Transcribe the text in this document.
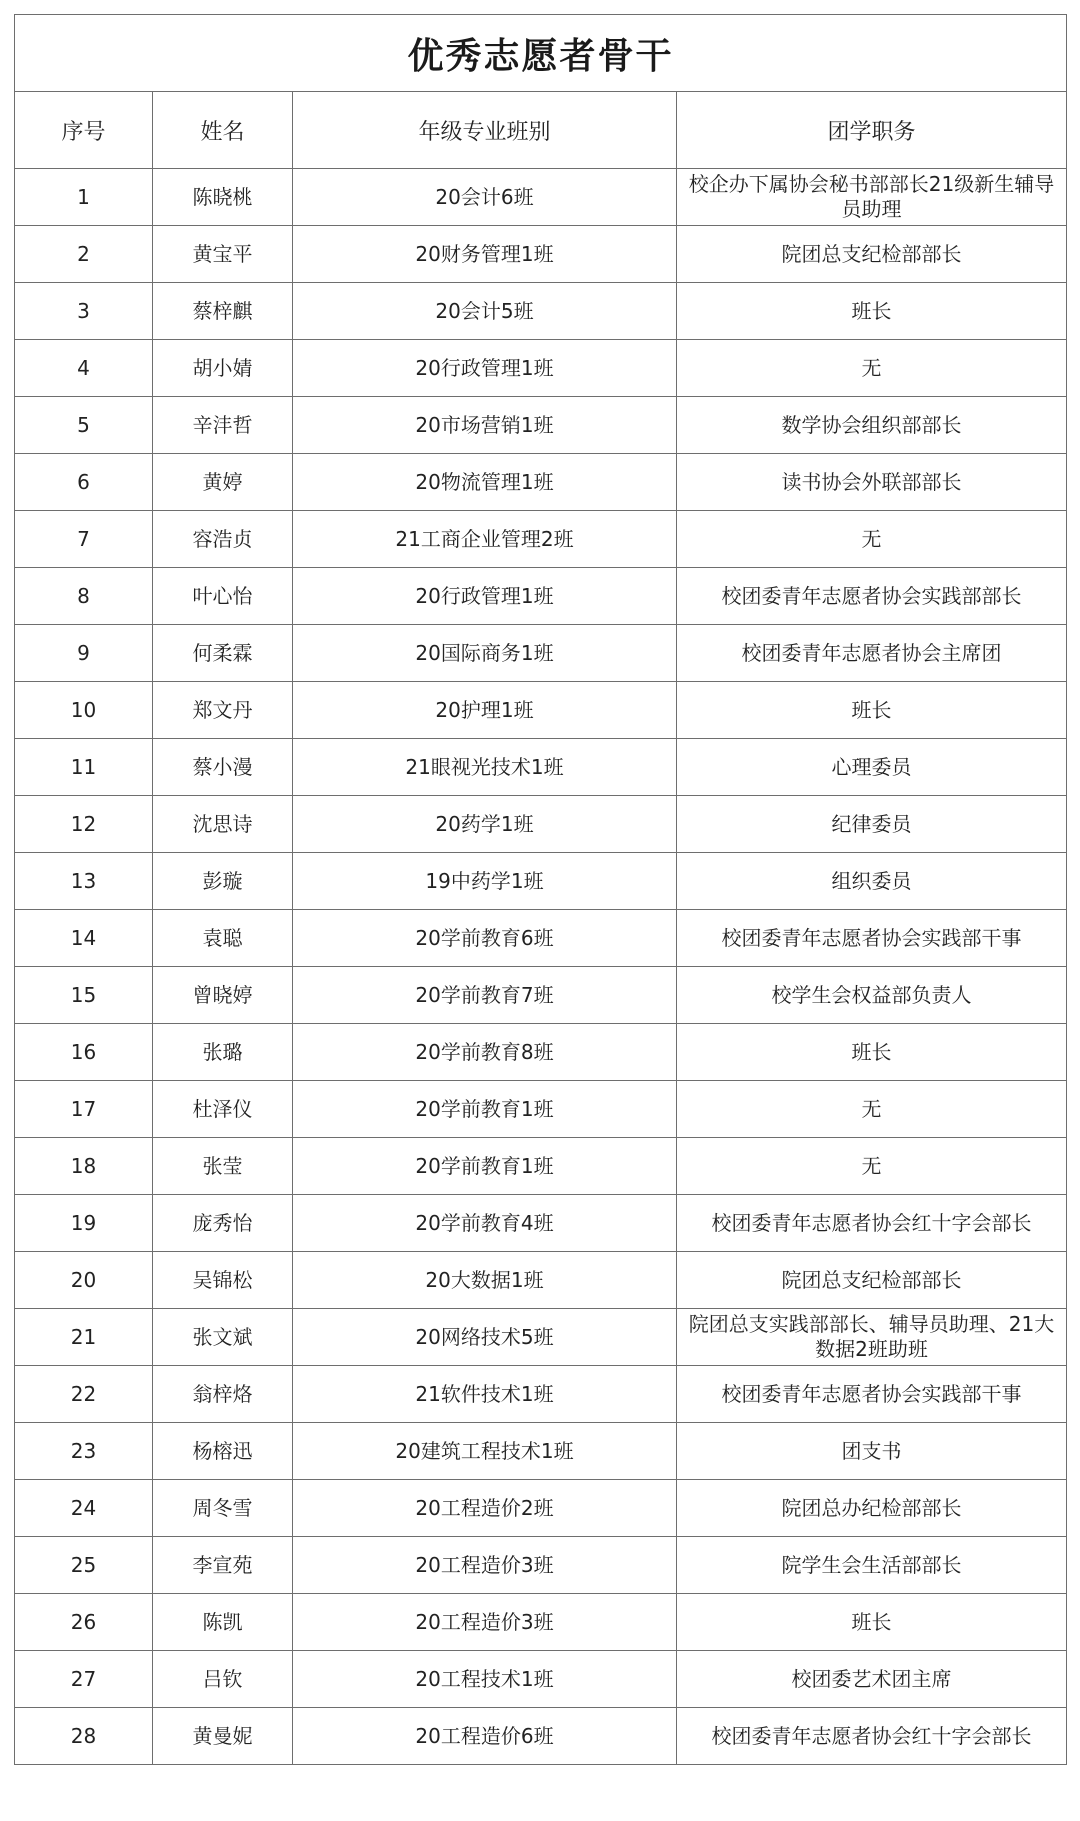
优秀志愿者骨干			
序号	姓名	年级专业班别	团学职务
1	陈晓桃	20会计6班	校企办下属协会秘书部部长21级新生辅导员助理
2	黄宝平	20财务管理1班	院团总支纪检部部长
3	蔡梓麒	20会计5班	班长
4	胡小婧	20行政管理1班	无
5	辛沣哲	20市场营销1班	数学协会组织部部长
6	黄婷	20物流管理1班	读书协会外联部部长
7	容浩贞	21工商企业管理2班	无
8	叶心怡	20行政管理1班	校团委青年志愿者协会实践部部长
9	何柔霖	20国际商务1班	校团委青年志愿者协会主席团
10	郑文丹	20护理1班	班长
11	蔡小漫	21眼视光技术1班	心理委员
12	沈思诗	20药学1班	纪律委员
13	彭璇	19中药学1班	组织委员
14	袁聪	20学前教育6班	校团委青年志愿者协会实践部干事
15	曾晓婷	20学前教育7班	校学生会权益部负责人
16	张璐	20学前教育8班	班长
17	杜泽仪	20学前教育1班	无
18	张莹	20学前教育1班	无
19	庞秀怡	20学前教育4班	校团委青年志愿者协会红十字会部长
20	吴锦松	20大数据1班	院团总支纪检部部长
21	张文斌	20网络技术5班	院团总支实践部部长、辅导员助理、21大数据2班助班
22	翁梓烙	21软件技术1班	校团委青年志愿者协会实践部干事
23	杨榕迅	20建筑工程技术1班	团支书
24	周冬雪	20工程造价2班	院团总办纪检部部长
25	李宣苑	20工程造价3班	院学生会生活部部长
26	陈凯	20工程造价3班	班长
27	吕钦	20工程技术1班	校团委艺术团主席
28	黄曼妮	20工程造价6班	校团委青年志愿者协会红十字会部长
